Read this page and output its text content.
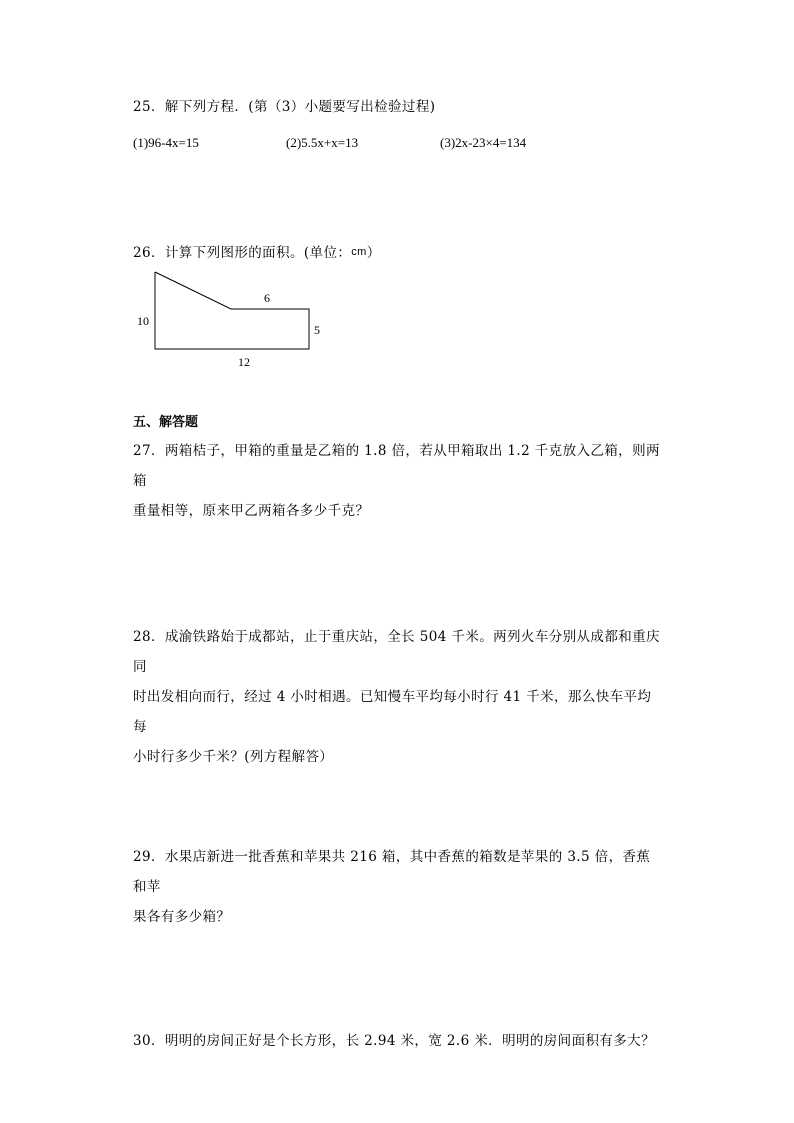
25．解下列方程．(第（3）小题要写出检验过程)

(1)96-4x=15	(2)5.5x+x=13	(3)2x-23×4=134

26．计算下列图形的面积。(单位：cm）

10
6
5
12
五、解答题

27．两箱桔子，甲箱的重量是乙箱的 1.8 倍，若从甲箱取出 1.2 千克放入乙箱，则两箱

重量相等，原来甲乙两箱各多少千克？

28．成渝铁路始于成都站，止于重庆站，全长 504 千米。两列火车分别从成都和重庆同

时出发相向而行，经过 4 小时相遇。已知慢车平均每小时行 41 千米，那么快车平均每

小时行多少千米？(列方程解答）

29．水果店新进一批香蕉和苹果共 216 箱，其中香蕉的箱数是苹果的 3.5 倍，香蕉和苹

果各有多少箱？

30．明明的房间正好是个长方形，长 2.94 米，宽 2.6 米．明明的房间面积有多大？
